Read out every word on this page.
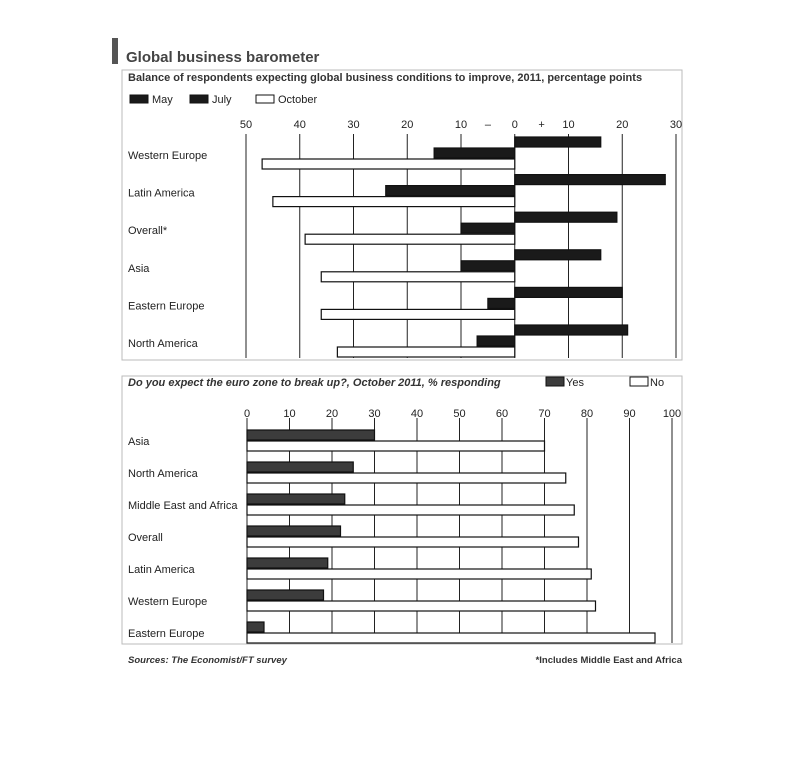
Global business barometer
Balance of respondents expecting global business conditions to improve, 2011, percentage points
May	July	October
50	40	30	20	10	0	10	20	30
–	+
Western Europe
Latin America
Overall*
Asia
Eastern Europe
North America
Do you expect the euro zone to break up?, October 2011, % responding	Yes	No
0	10	20	30	40	50	60	70	80	90 100
Asia
North America
Middle East and Africa
Overall
Latin America
Western Europe
Eastern Europe
Sources: The Economist/FT survey	*Includes Middle East and Africa
